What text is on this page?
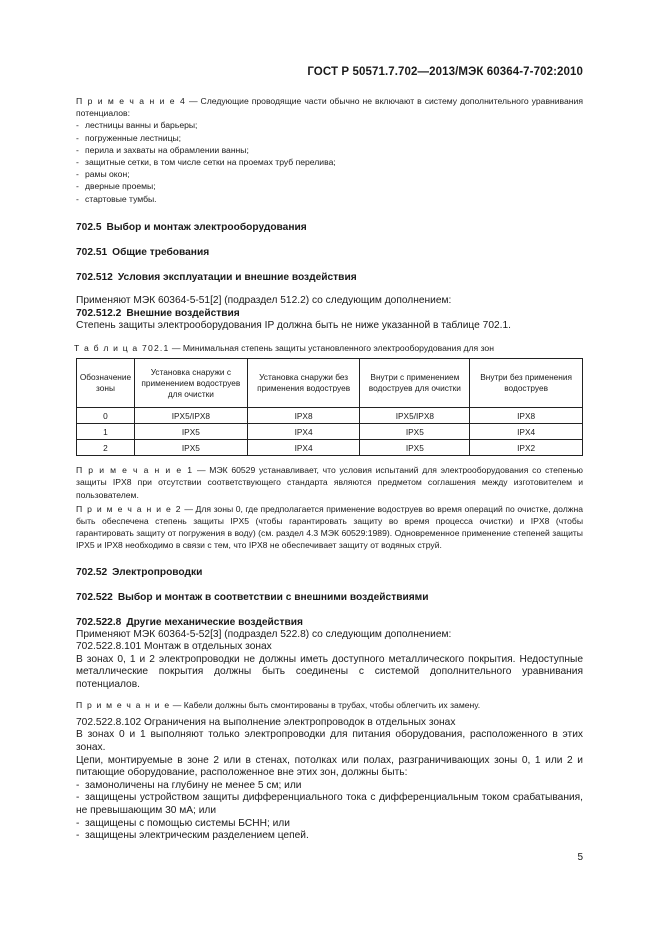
ГОСТ Р 50571.7.702—2013/МЭК 60364-7-702:2010

П р и м е ч а н и е 4 — Следующие проводящие части обычно не включают в систему дополнительного уравнивания потенциалов:

- лестницы ванны и барьеры;
- погруженные лестницы;
- перила и захваты на обрамлении ванны;
- защитные сетки, в том числе сетки на проемах труб перелива;
- рамы окон;
- дверные проемы;
- стартовые тумбы.
702.5 Выбор и монтаж электрооборудования
702.51 Общие требования
702.512 Условия эксплуатации и внешние воздействия

Применяют МЭК 60364-5-51[2] (подраздел 512.2) со следующим дополнением:

702.512.2 Внешние воздействия

Степень защиты электрооборудования IP должна быть не ниже указанной в таблице 702.1.

Т а б л и ц а 702.1 — Минимальная степень защиты установленного электрооборудования для зон

Обозначение зоны	Установка снаружи с применением водоструев для очистки	Установка снаружи без применения водоструев	Внутри с применением водоструев для очистки	Внутри без применения водоструев
0	IPX5/IPX8	IPX8	IPX5/IPX8	IPX8
1	IPX5	IPX4	IPX5	IPX4
2	IPX5	IPX4	IPX5	IPX2

П р и м е ч а н и е 1 — МЭК 60529 устанавливает, что условия испытаний для электрооборудования со степенью защиты IPX8 при отсутствии соответствующего стандарта являются предметом соглашения между изготовителем и пользователем.

П р и м е ч а н и е 2 — Для зоны 0, где предполагается применение водоструев во время операций по очистке, должна быть обеспечена степень защиты IPX5 (чтобы гарантировать защиту во время процесса очистки) и IPX8 (чтобы гарантировать защиту от погружения в воду) (см. раздел 4.3 МЭК 60529:1989). Одновременное применение степеней защиты IPX5 и IPX8 необходимо в связи с тем, что IPX8 не обеспечивает защиту от водяных струй.

702.52 Электропроводки
702.522 Выбор и монтаж в соответствии с внешними воздействиями
702.522.8 Другие механические воздействия

Применяют МЭК 60364-5-52[3] (подраздел 522.8) со следующим дополнением:

702.522.8.101 Монтаж в отдельных зонах

В зонах 0, 1 и 2 электропроводки не должны иметь доступного металлического покрытия. Недоступные металлические покрытия должны быть соединены с системой дополнительного уравнивания потенциалов.

П р и м е ч а н и е — Кабели должны быть смонтированы в трубах, чтобы облегчить их замену.

702.522.8.102 Ограничения на выполнение электропроводок в отдельных зонах

В зонах 0 и 1 выполняют только электропроводки для питания оборудования, расположенного в этих зонах.

Цепи, монтируемые в зоне 2 или в стенах, потолках или полах, разграничивающих зоны 0, 1 или 2 и питающие оборудование, расположенное вне этих зон, должны быть:

- замоноличены на глубину не менее 5 см; или
- защищены устройством защиты дифференциального тока с дифференциальным током срабатывания, не превышающим 30 мА; или
- защищены с помощью системы БСНН; или
- защищены электрическим разделением цепей.
5
